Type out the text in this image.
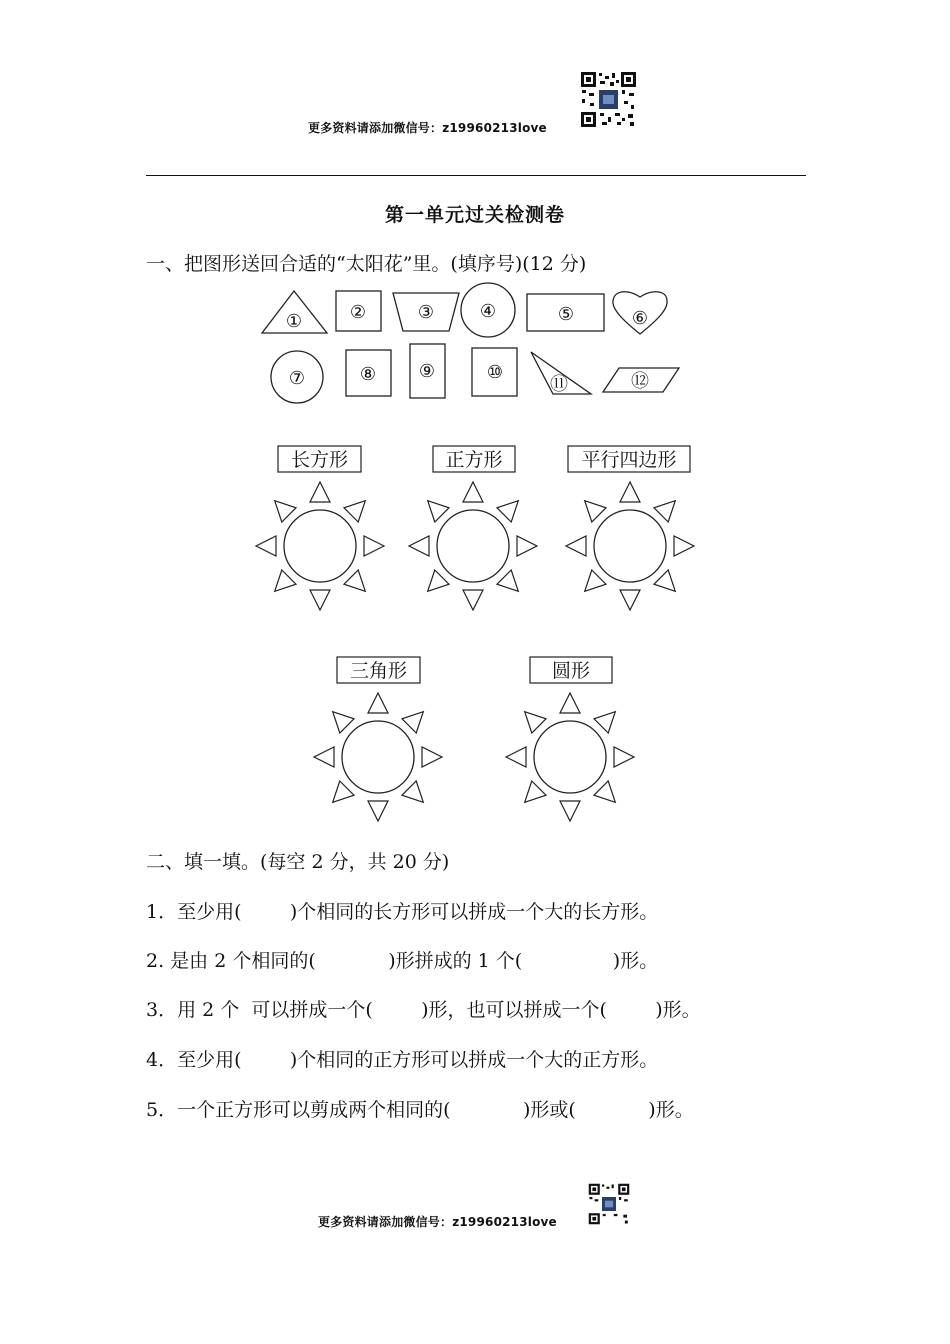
更多资料请添加微信号：z19960213love
第一单元过关检测卷
一、把图形送回合适的“太阳花”里。(填序号)(12 分)
①	②	③	④	⑤	⑥
⑦	⑧ ⑨	⑩
⑪	⑫
长方形	正方形	平行四边形
三角形	圆形
二、填一填。(每空 2 分，共 20 分)
1．至少用(        )个相同的长方形可以拼成一个大的长方形。
2. 是由 2 个相同的(            )形拼成的 1 个(               )形。
3．用 2 个  可以拼成一个(        )形，也可以拼成一个(        )形。
4．至少用(        )个相同的正方形可以拼成一个大的正方形。
5．一个正方形可以剪成两个相同的(            )形或(            )形。
更多资料请添加微信号：z19960213love
